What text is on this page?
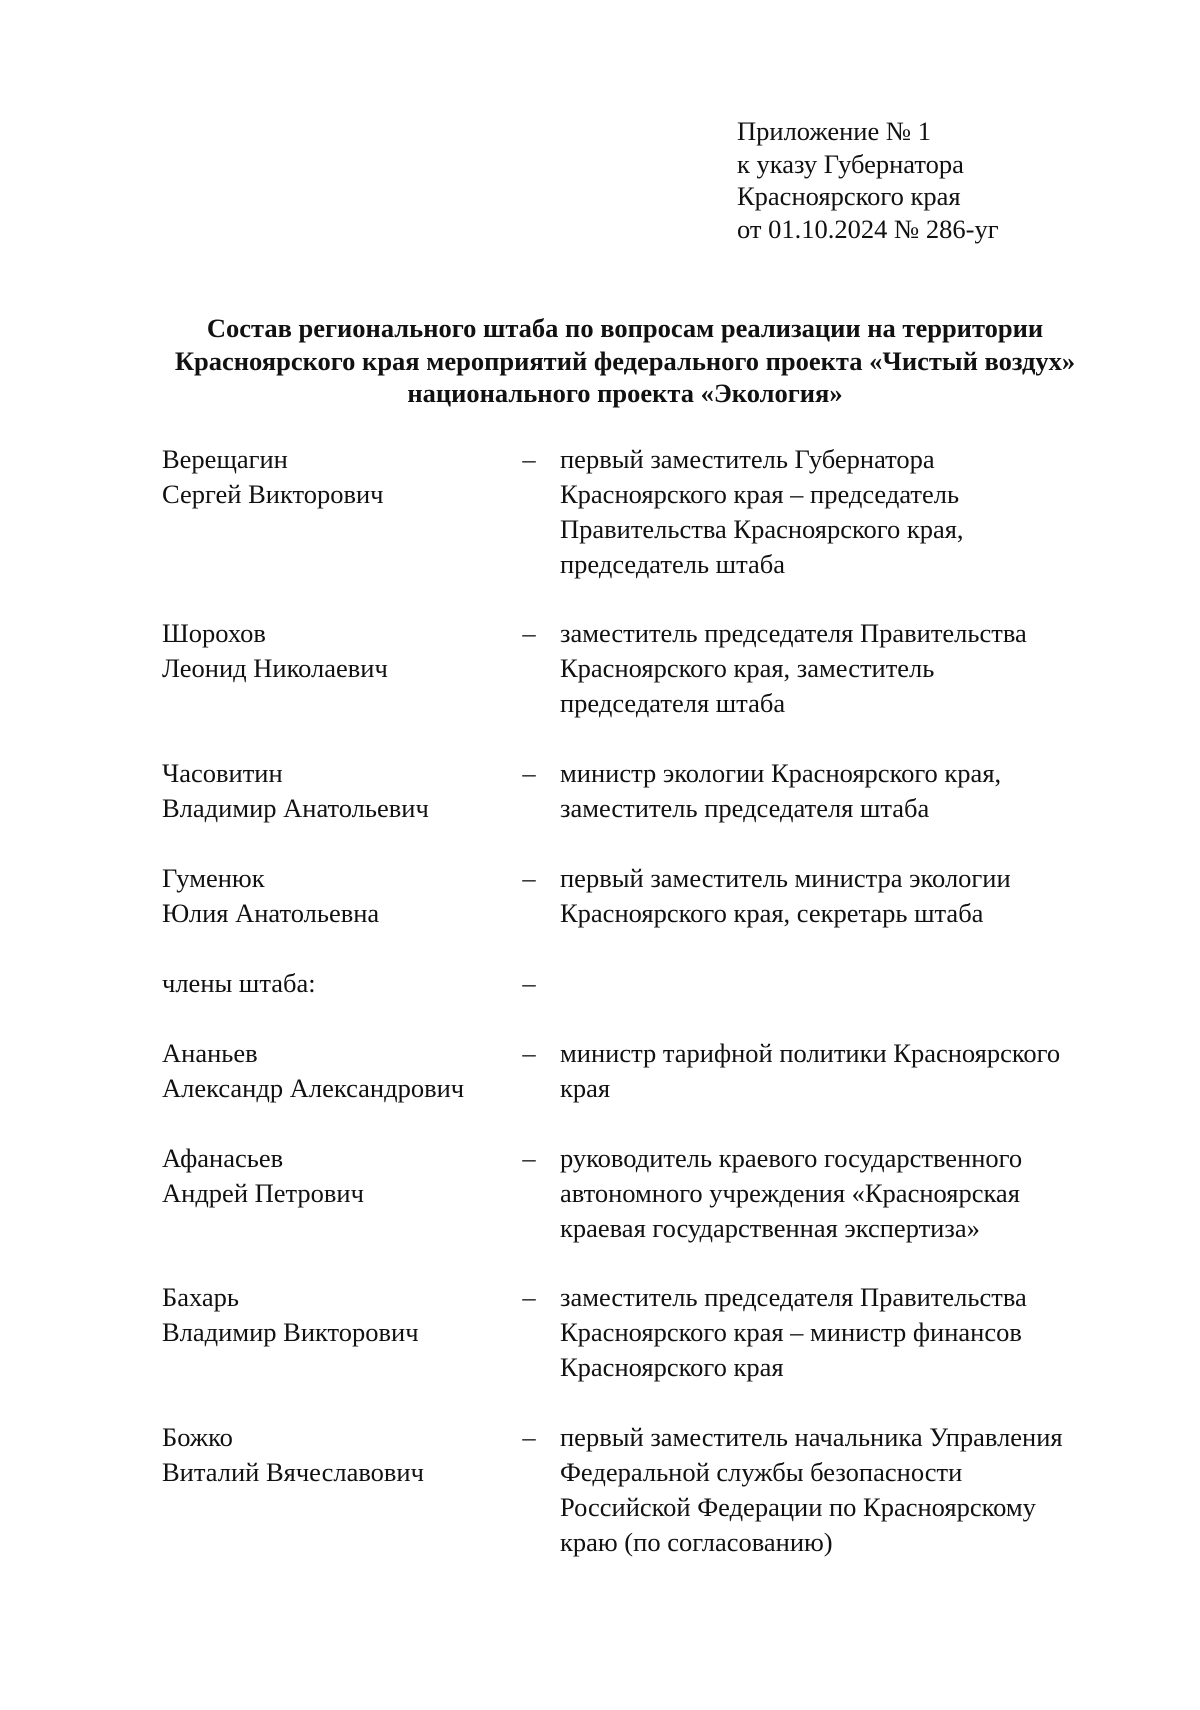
Приложение № 1
к указу Губернатора
Красноярского края
от 01.10.2024 № 286-уг
Состав регионального штаба по вопросам реализации на территории
Красноярского края мероприятий федерального проекта «Чистый воздух»
национального проекта «Экология»
Верещагин
Сергей Викторович
– первый заместитель Губернатора
Красноярского края – председатель
Правительства Красноярского края,
председатель штаба
Шорохов
Леонид Николаевич
– заместитель председателя Правительства
Красноярского края, заместитель
председателя штаба
Часовитин
Владимир Анатольевич
– министр экологии Красноярского края,
заместитель председателя штаба
Гуменюк
Юлия Анатольевна
– первый заместитель министра экологии
Красноярского края, секретарь штаба
члены штаба:	–
Ананьев
Александр Александрович
– министр тарифной политики Красноярского
края
Афанасьев
Андрей Петрович
– руководитель краевого государственного
автономного учреждения «Красноярская
краевая государственная экспертиза»
Бахарь
Владимир Викторович
– заместитель председателя Правительства
Красноярского края – министр финансов
Красноярского края
Божко
Виталий Вячеславович
– первый заместитель начальника Управления
Федеральной службы безопасности
Российской Федерации по Красноярскому
краю (по согласованию)
